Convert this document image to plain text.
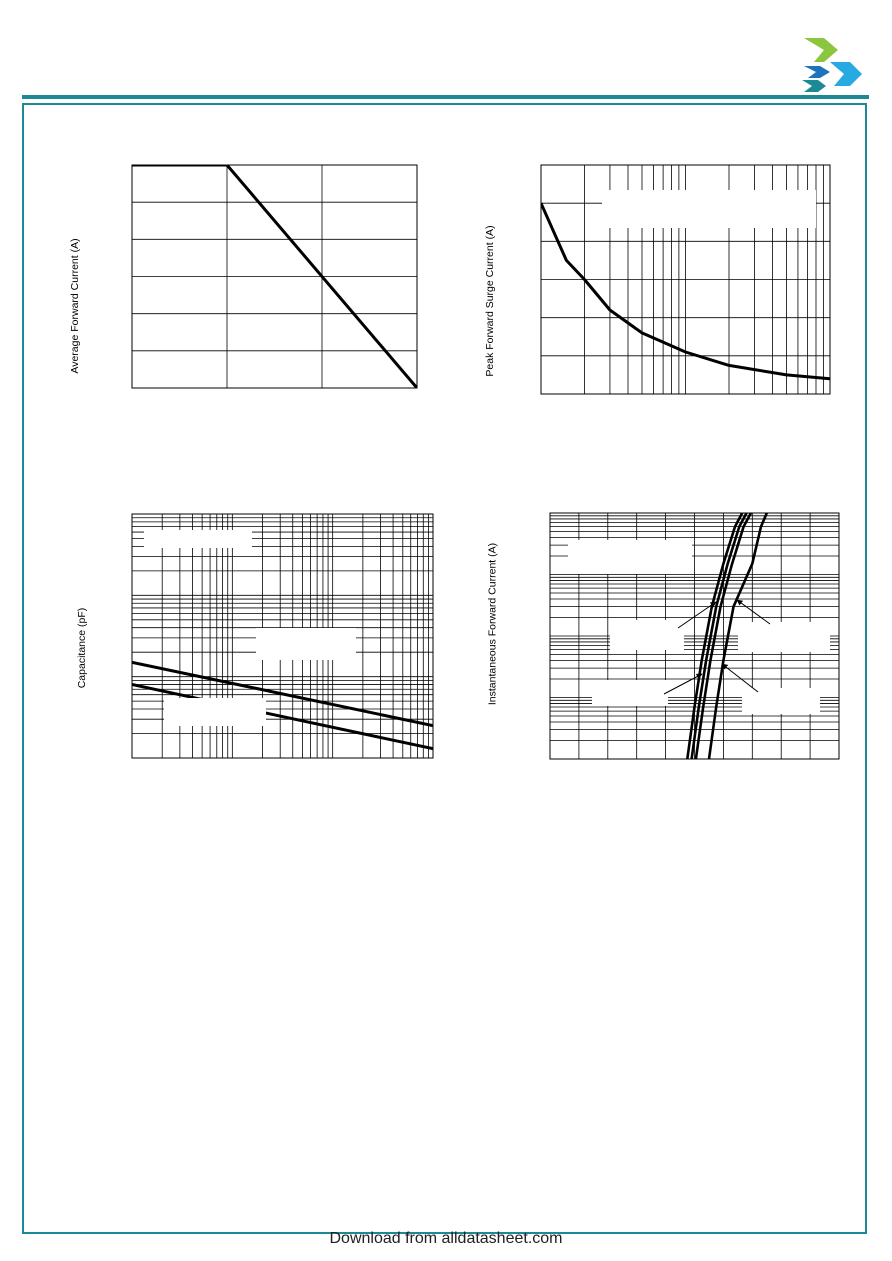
Average Forward Current (A)	Peak Forward Surge Current (A)
Capacitance (pF)	Instantaneous Forward Current (A)
Download from alldatasheet.com
